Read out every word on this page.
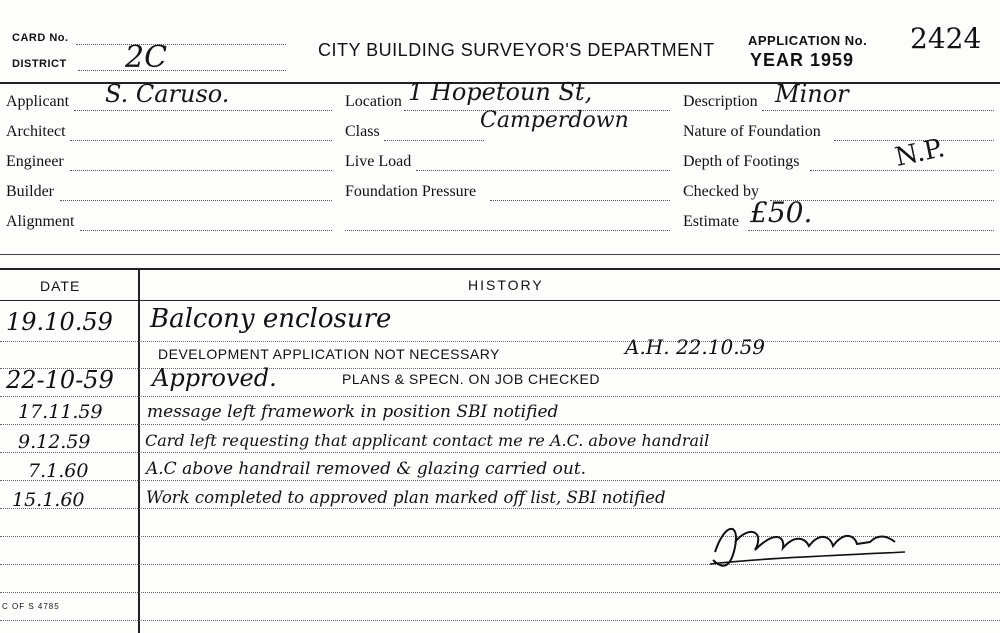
CARD No.
DISTRICT 2C	CITY BUILDING SURVEYOR'S DEPARTMENT	APPLICATION No. 2424
YEAR 1959
Applicant S. Caruso.
Architect
Engineer
Builder
Alignment
Location 1 Hopetoun St,
Camperdown
Class
Live Load
Foundation Pressure
Description Minor
Nature of Foundation
Depth of Footings	N.P.
Checked by
Estimate £50.
DATE	HISTORY
19.10.59 Balcony enclosure
DEVELOPMENT APPLICATION NOT NECESSARY	A.H. 22.10.59
22-10-59 Approved.	PLANS & SPECN. ON JOB CHECKED
17.11.59	message left framework in position SBI notified
9.12.59	Card left requesting that applicant contact me re A.C. above handrail
7.1.60	A.C above handrail removed & glazing carried out.
15.1.60	Work completed to approved plan marked off list, SBI notified
C OF S 4785
